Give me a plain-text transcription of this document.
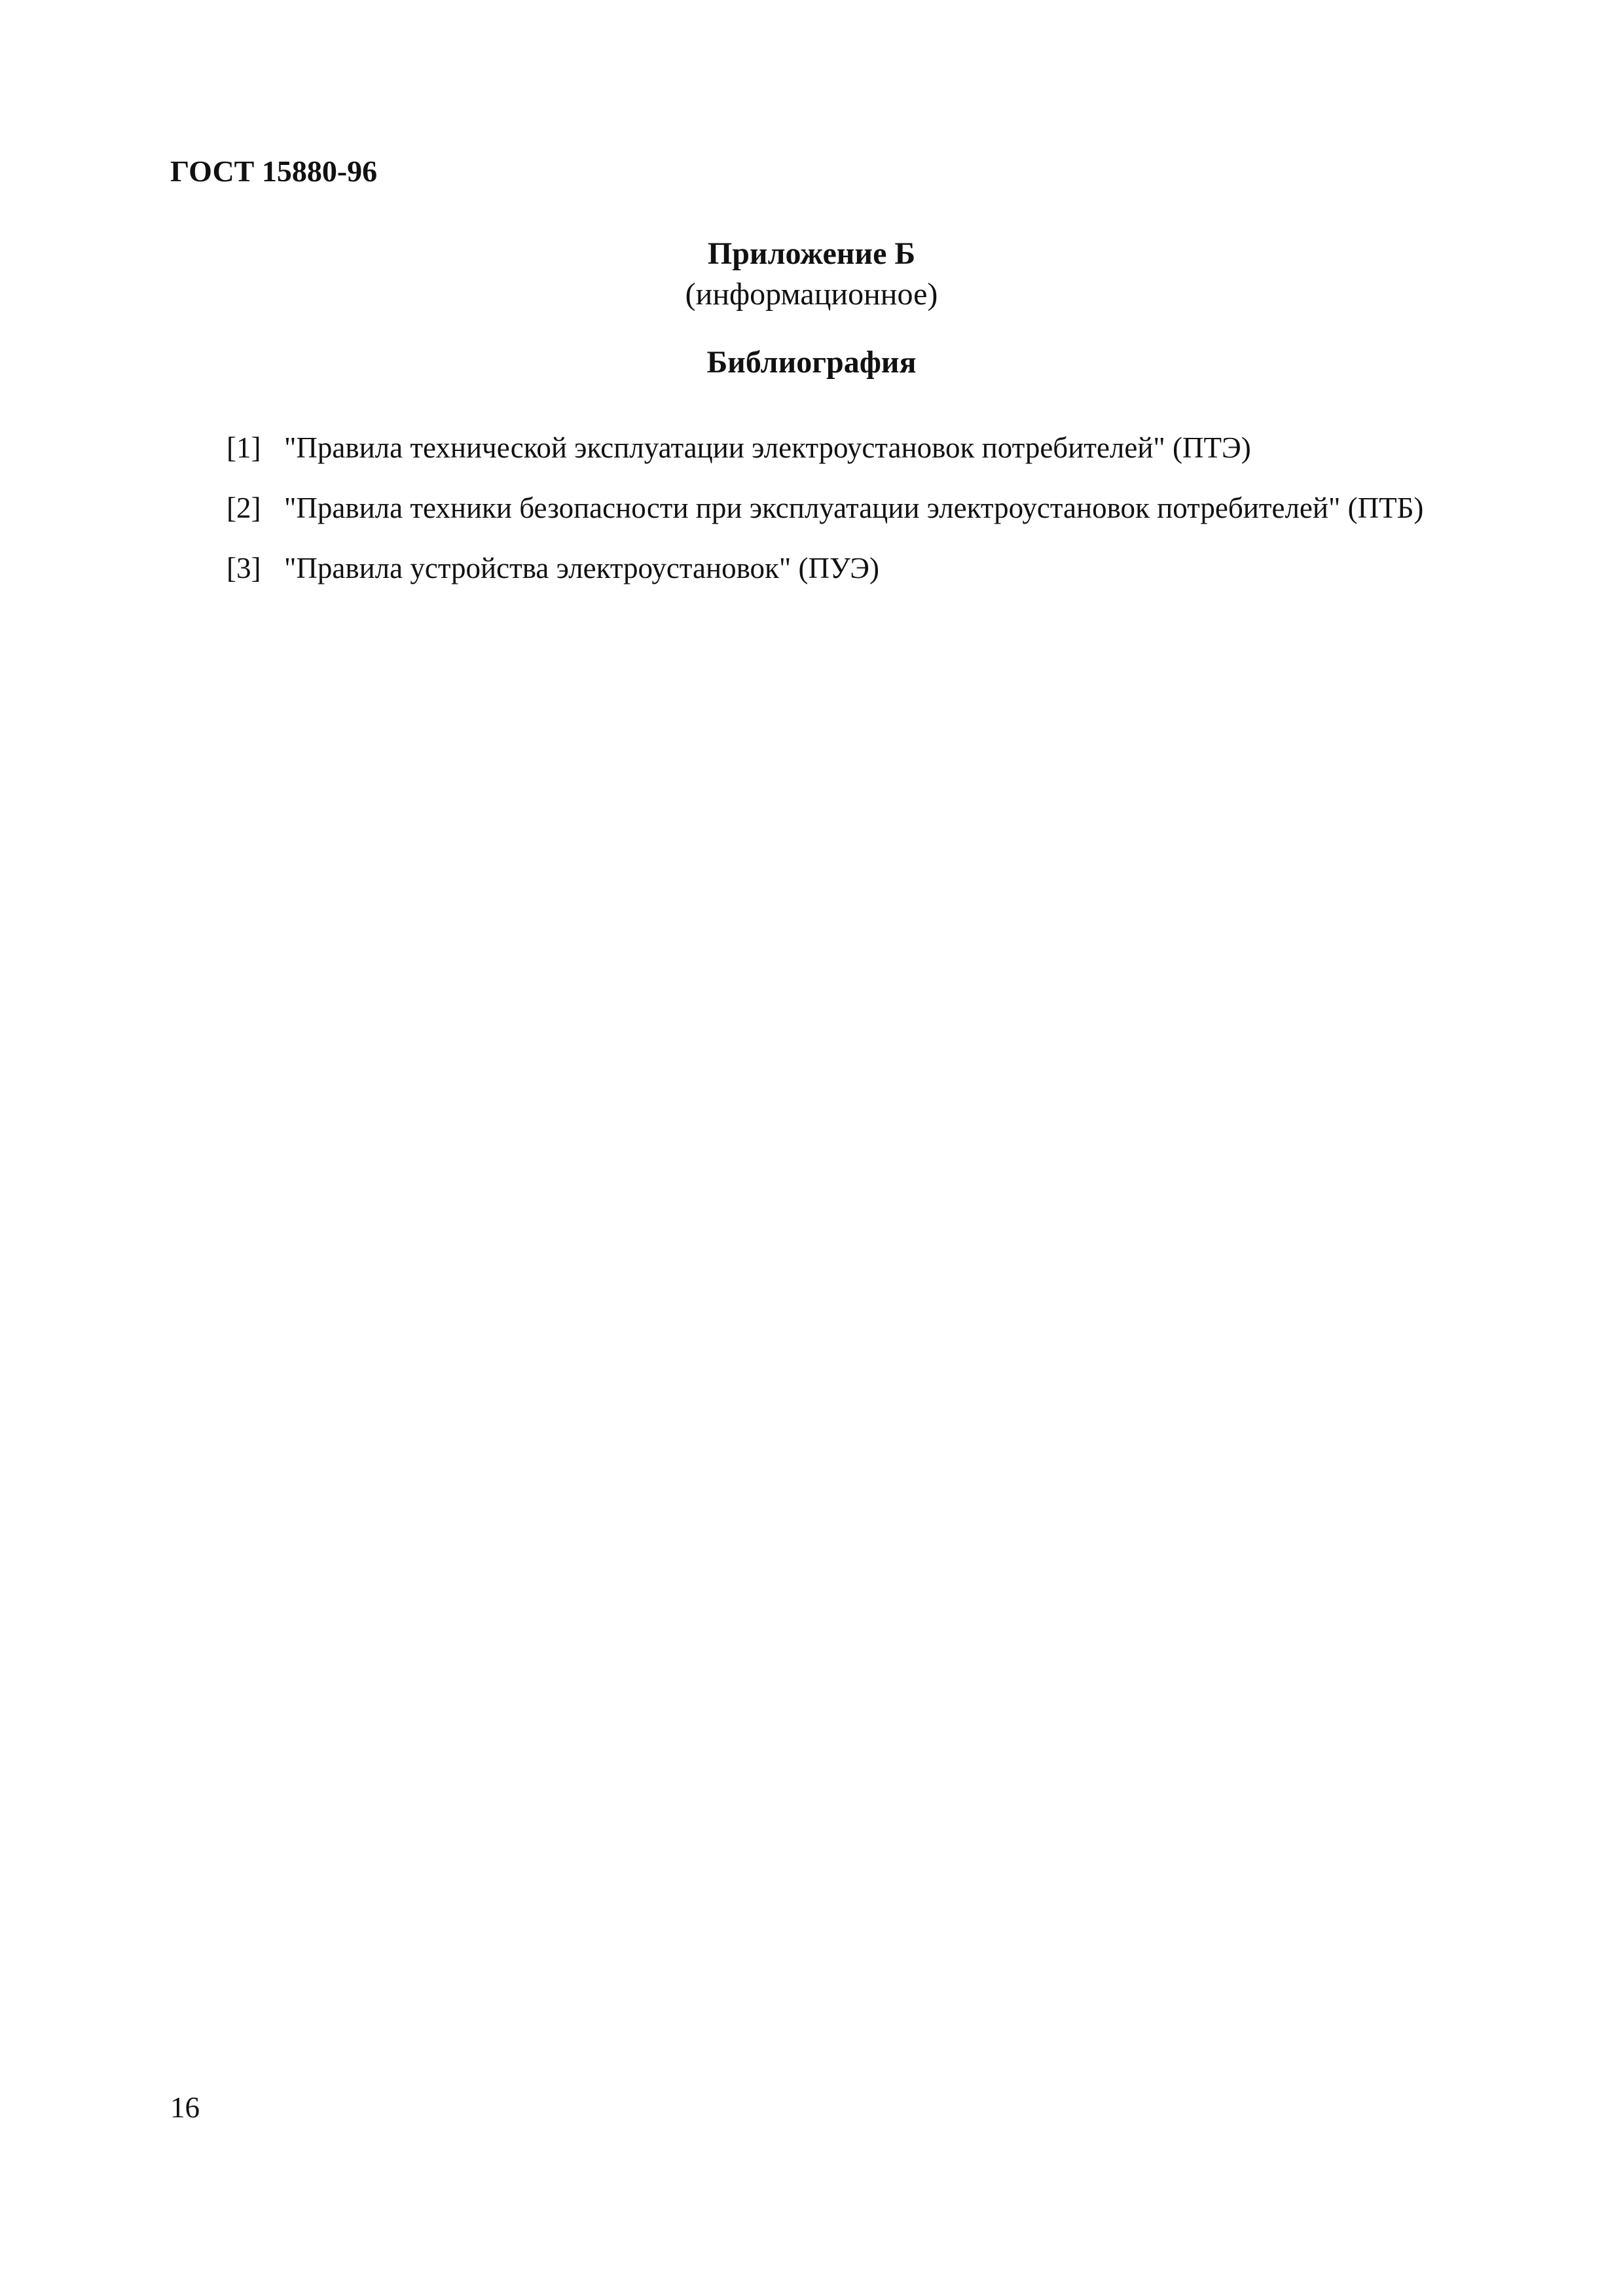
ГОСТ 15880-96
Приложение Б
(информационное)
Библиография
[1] "Правила технической эксплуатации электроустановок потребителей" (ПТЭ)
[2] "Правила техники безопасности при эксплуатации электроустановок потребителей" (ПТБ)
[3] "Правила устройства электроустановок" (ПУЭ)
16
